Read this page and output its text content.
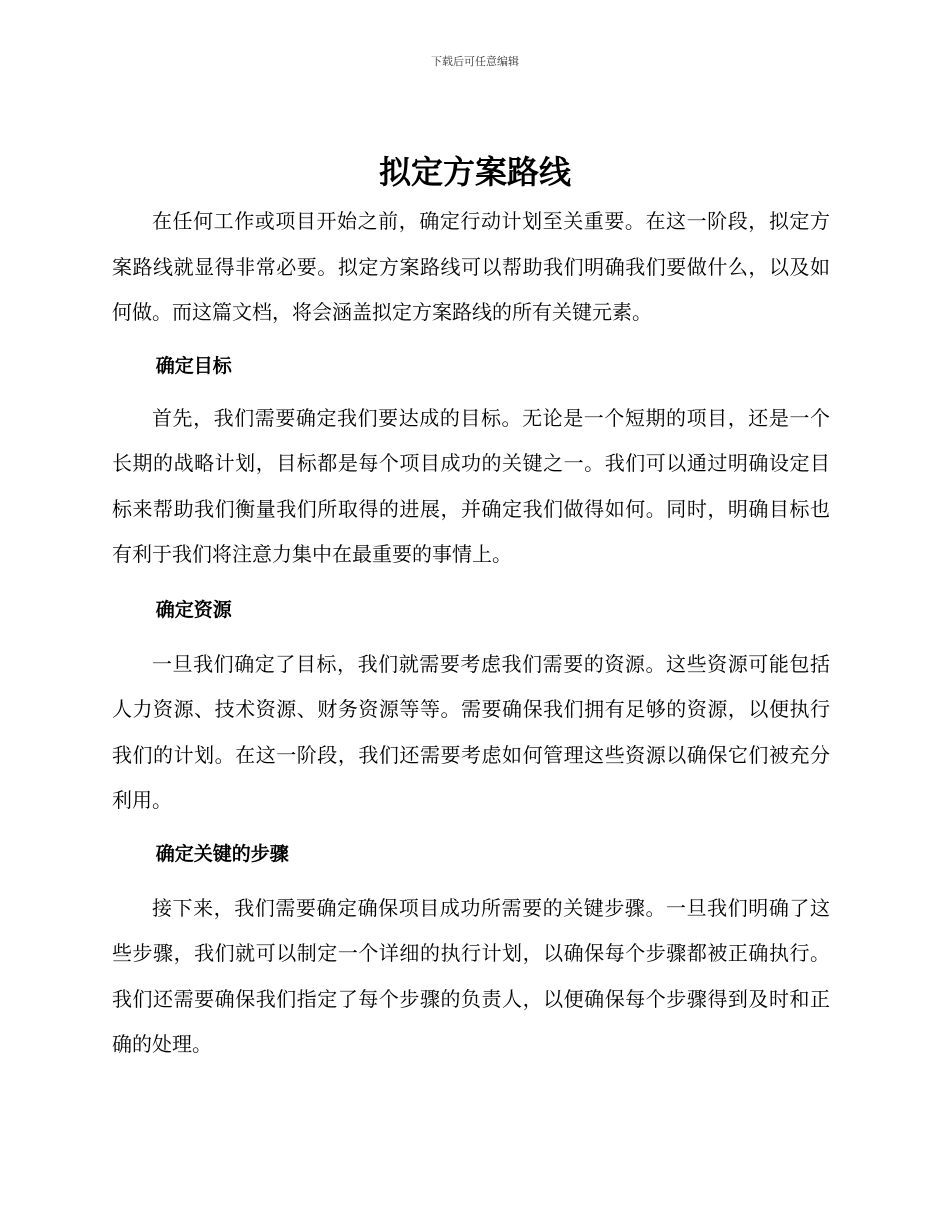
下载后可任意编辑
拟定方案路线

在任何工作或项目开始之前，确定行动计划至关重要。在这一阶段，拟定方案路线就显得非常必要。拟定方案路线可以帮助我们明确我们要做什么，以及如何做。而这篇文档，将会涵盖拟定方案路线的所有关键元素。

确定目标

首先，我们需要确定我们要达成的目标。无论是一个短期的项目，还是一个长期的战略计划，目标都是每个项目成功的关键之一。我们可以通过明确设定目标来帮助我们衡量我们所取得的进展，并确定我们做得如何。同时，明确目标也有利于我们将注意力集中在最重要的事情上。

确定资源

一旦我们确定了目标，我们就需要考虑我们需要的资源。这些资源可能包括人力资源、技术资源、财务资源等等。需要确保我们拥有足够的资源，以便执行我们的计划。在这一阶段，我们还需要考虑如何管理这些资源以确保它们被充分利用。

确定关键的步骤

接下来，我们需要确定确保项目成功所需要的关键步骤。一旦我们明确了这些步骤，我们就可以制定一个详细的执行计划，以确保每个步骤都被正确执行。我们还需要确保我们指定了每个步骤的负责人，以便确保每个步骤得到及时和正确的处理。
